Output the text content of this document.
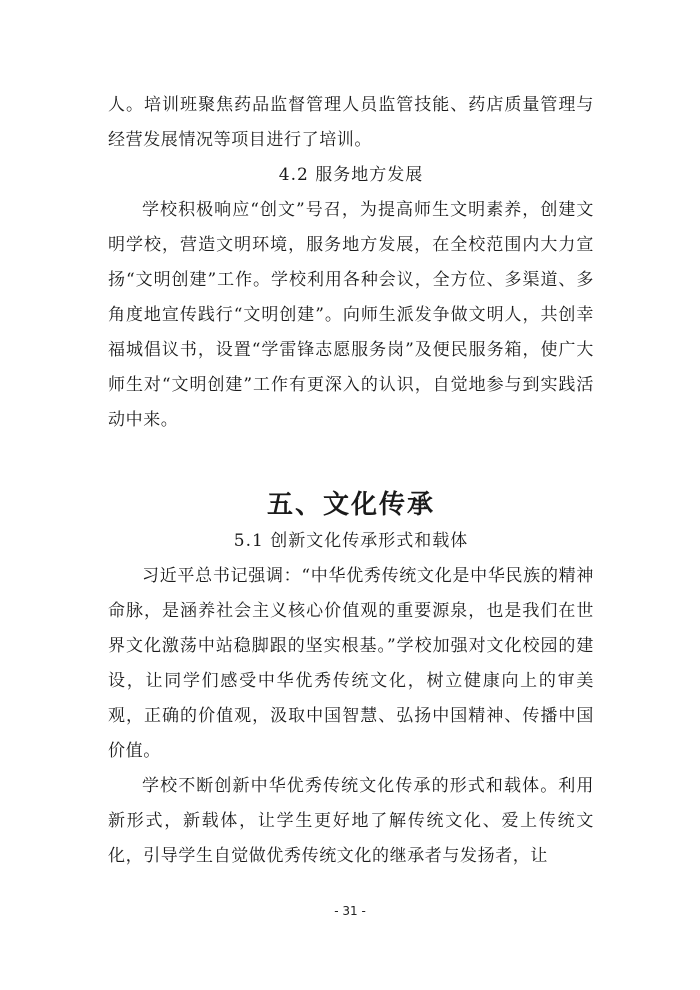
人。培训班聚焦药品监督管理人员监管技能、药店质量管理与经营发展情况等项目进行了培训。

4.2 服务地方发展

学校积极响应“创文”号召，为提高师生文明素养，创建文明学校，营造文明环境，服务地方发展，在全校范围内大力宣扬“文明创建”工作。学校利用各种会议，全方位、多渠道、多角度地宣传践行“文明创建”。向师生派发争做文明人，共创幸福城倡议书，设置“学雷锋志愿服务岗”及便民服务箱，使广大师生对“文明创建”工作有更深入的认识，自觉地参与到实践活动中来。

五、文化传承

5.1 创新文化传承形式和载体

习近平总书记强调：“中华优秀传统文化是中华民族的精神命脉，是涵养社会主义核心价值观的重要源泉，也是我们在世界文化激荡中站稳脚跟的坚实根基。”学校加强对文化校园的建设，让同学们感受中华优秀传统文化，树立健康向上的审美观，正确的价值观，汲取中国智慧、弘扬中国精神、传播中国价值。

学校不断创新中华优秀传统文化传承的形式和载体。利用新形式，新载体，让学生更好地了解传统文化、爱上传统文化，引导学生自觉做优秀传统文化的继承者与发扬者，让

- 31 -
